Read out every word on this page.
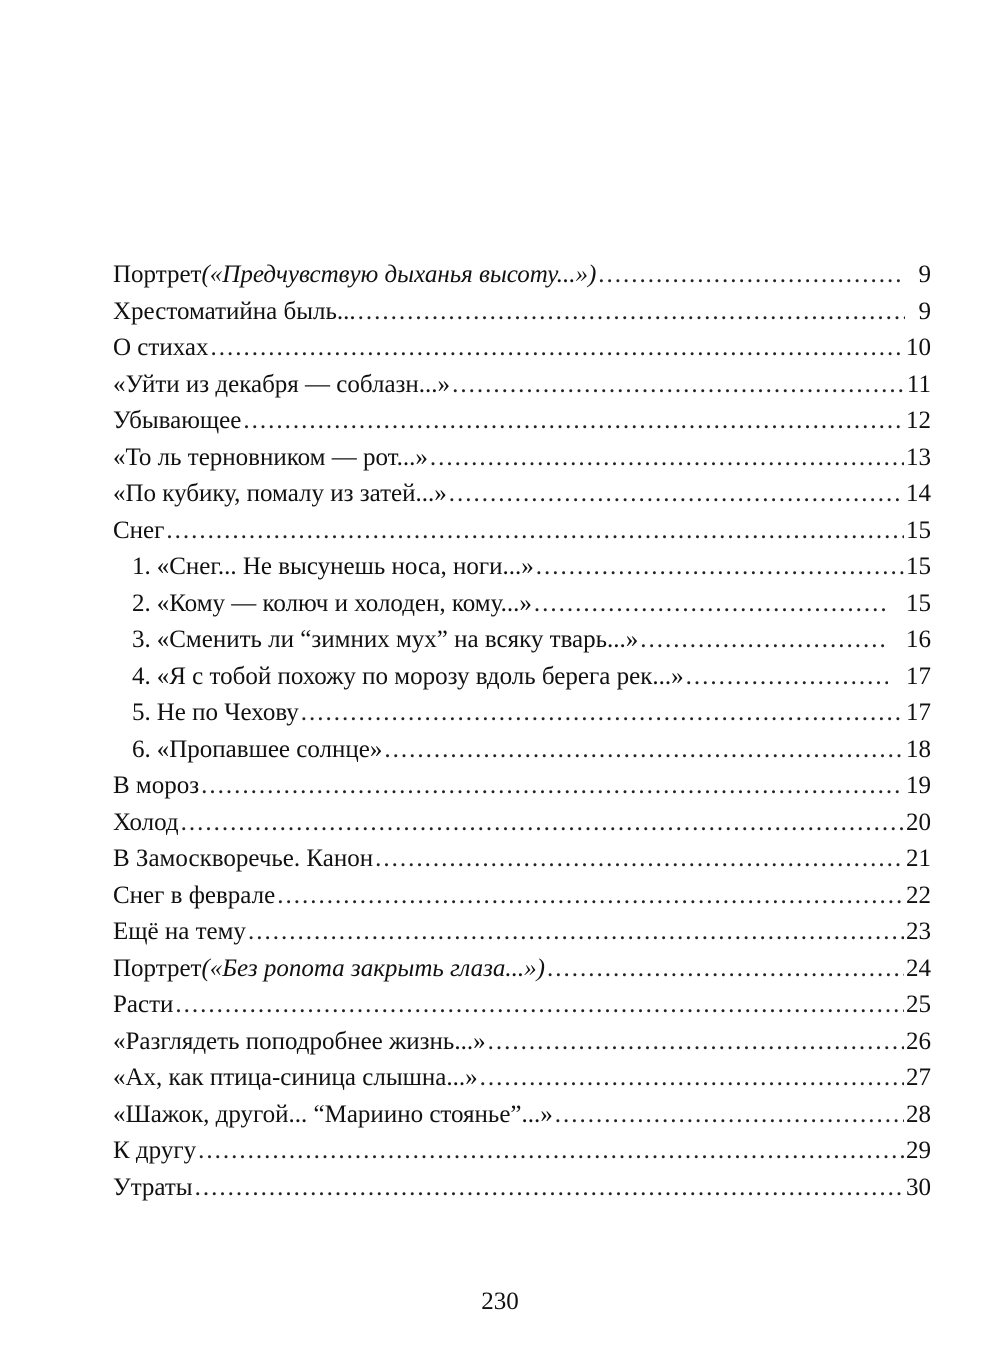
Портрет («Предчувствую дыханья высоту...») .....	9
Хрестоматийна быль... .....	9
О стихах .....	10
«Уйти из декабря — соблазн...» .....	11
Убывающее .....	12
«То ль терновником — рот...» .....	13
«По кубику, помалу из затей...» .....	14
Снег .....	15
1. «Снег... Не высунешь носа, ноги...» .....	15
2. «Кому — колюч и холоден, кому...» .....	15
3. «Сменить ли “зимних мух” на всяку тварь...» .....	16
4. «Я с тобой похожу по морозу вдоль берега рек...» .....	17
5. Не по Чехову .....	17
6. «Пропавшее солнце» .....	18
В мороз .....	19
Холод .....	20
В Замоскворечье. Канон .....	21
Снег в феврале .....	22
Ещё на тему .....	23
Портрет («Без ропота закрыть глаза...») .....	24
Расти .....	25
«Разглядеть поподробнее жизнь...» .....	26
«Ах, как птица-синица слышна...» .....	27
«Шажок, другой... “Мариино стоянье”...» .....	28
К другу .....	29
Утраты .....	30
230
